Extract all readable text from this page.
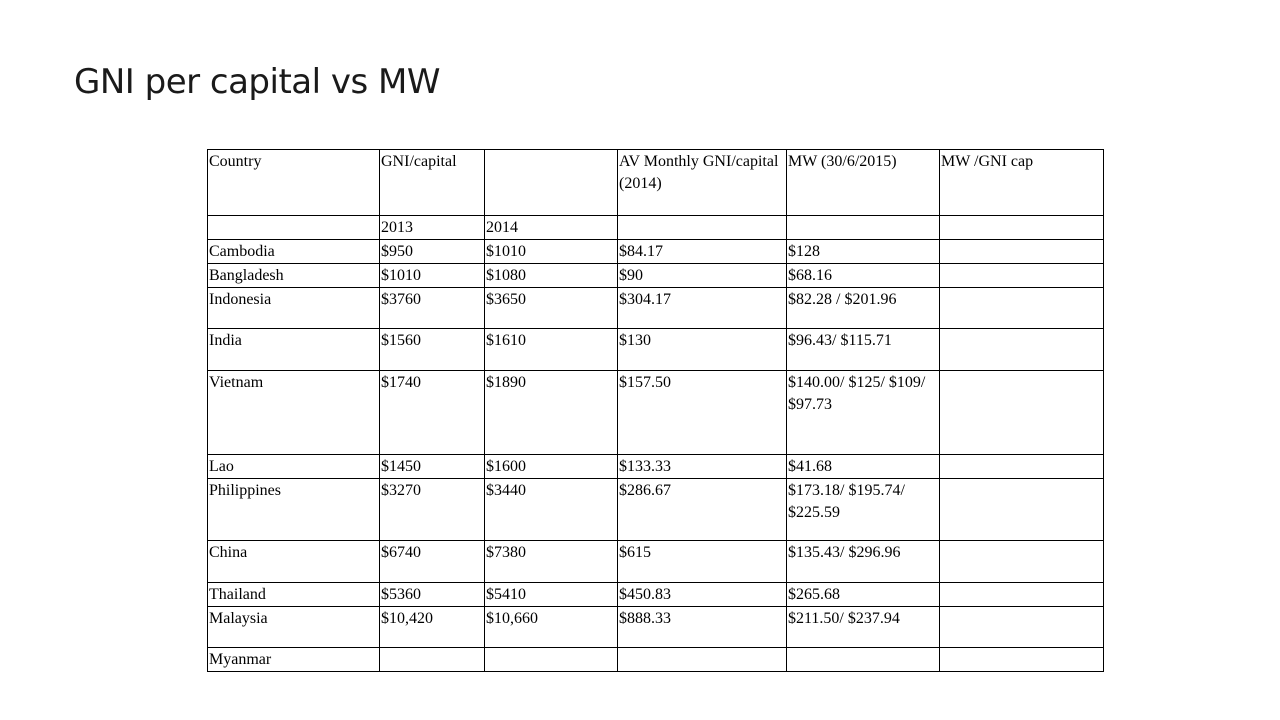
GNI per capital vs MW
Country	GNI/capital		AV Monthly GNI/capital (2014)	MW (30/6/2015)	MW /GNI cap
	2013	2014			
Cambodia	$950	$1010	$84.17	$128	
Bangladesh	$1010	$1080	$90	$68.16	
Indonesia	$3760	$3650	$304.17	$82.28 / $201.96	
India	$1560	$1610	$130	$96.43/ $115.71	
Vietnam	$1740	$1890	$157.50	$140.00/ $125/ $109/ $97.73	
Lao	$1450	$1600	$133.33	$41.68	
Philippines	$3270	$3440	$286.67	$173.18/ $195.74/ $225.59	
China	$6740	$7380	$615	$135.43/ $296.96	
Thailand	$5360	$5410	$450.83	$265.68	
Malaysia	$10,420	$10,660	$888.33	$211.50/ $237.94	
Myanmar					
